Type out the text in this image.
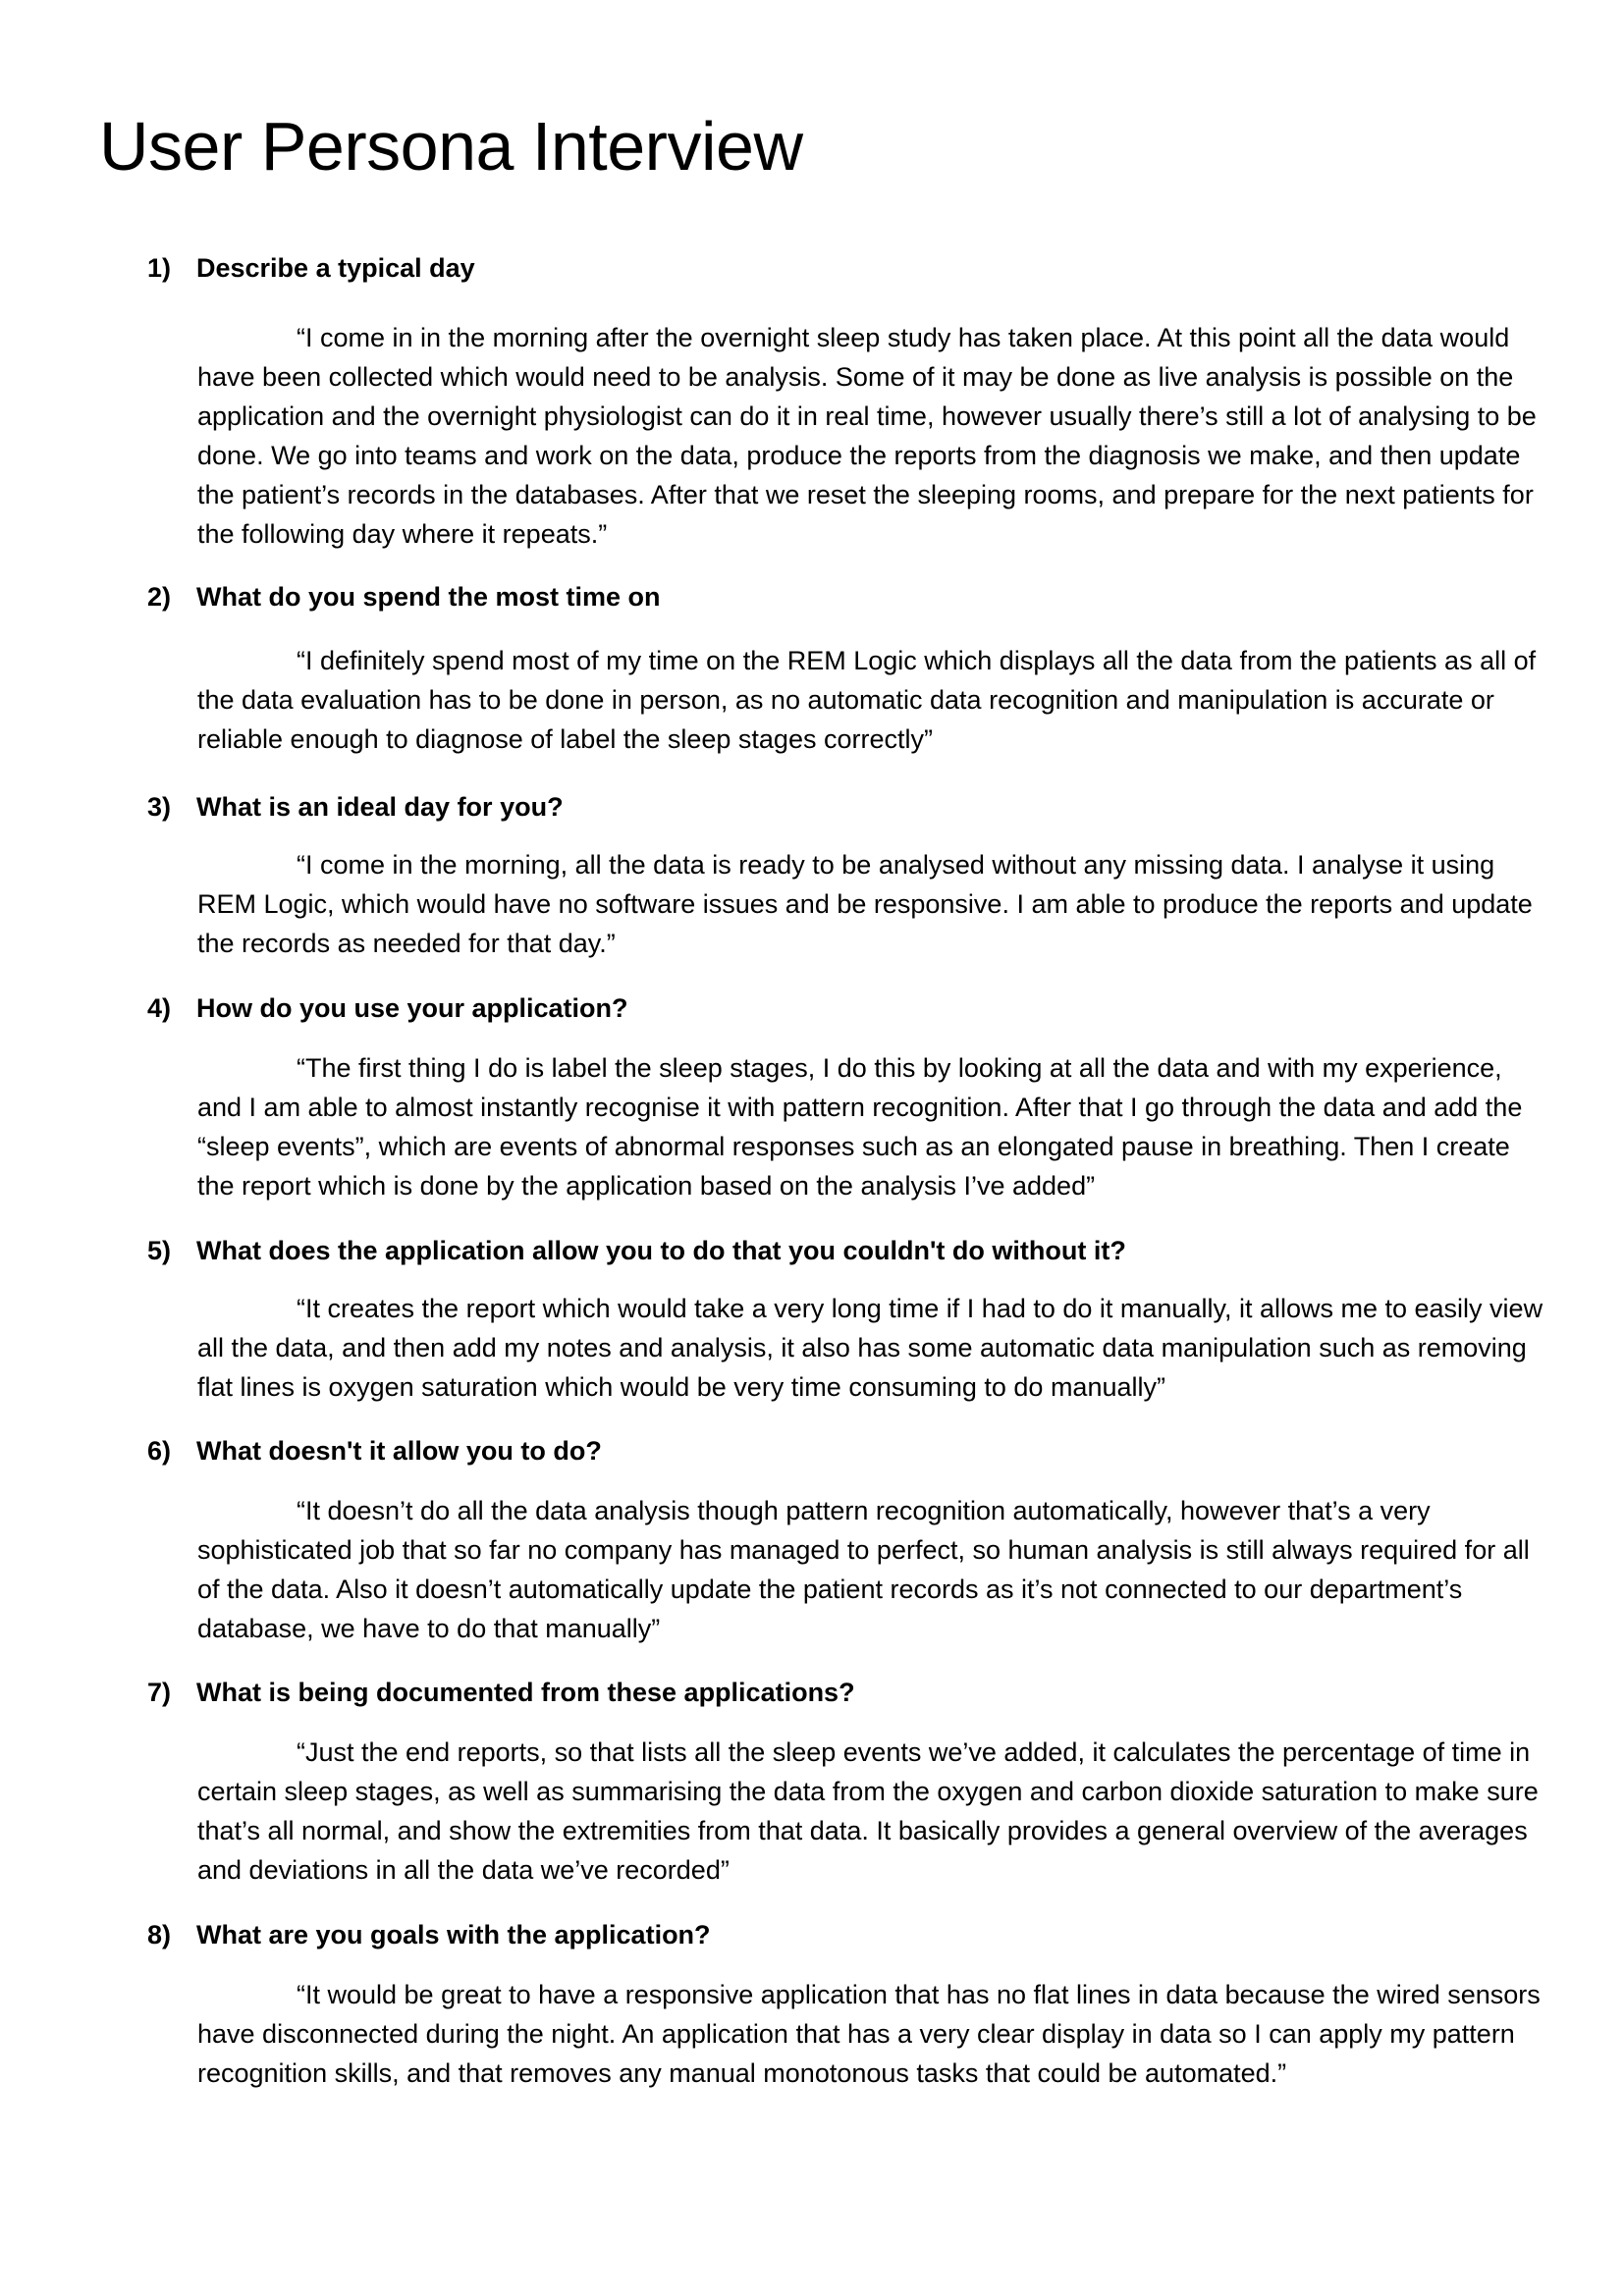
User Persona Interview

1) Describe a typical day

“I come in in the morning after the overnight sleep study has taken place. At this point all the data would have been collected which would need to be analysis. Some of it may be done as live analysis is possible on the application and the overnight physiologist can do it in real time, however usually there’s still a lot of analysing to be done. We go into teams and work on the data, produce the reports from the diagnosis we make, and then update the patient’s records in the databases. After that we reset the sleeping rooms, and prepare for the next patients for the following day where it repeats.”

2) What do you spend the most time on

“I definitely spend most of my time on the REM Logic which displays all the data from the patients as all of the data evaluation has to be done in person, as no automatic data recognition and manipulation is accurate or reliable enough to diagnose of label the sleep stages correctly”

3) What is an ideal day for you?

“I come in the morning, all the data is ready to be analysed without any missing data. I analyse it using REM Logic, which would have no software issues and be responsive. I am able to produce the reports and update the records as needed for that day.”

4) How do you use your application?

“The first thing I do is label the sleep stages, I do this by looking at all the data and with my experience, and I am able to almost instantly recognise it with pattern recognition. After that I go through the data and add the “sleep events”, which are events of abnormal responses such as an elongated pause in breathing. Then I create the report which is done by the application based on the analysis I’ve added”

5) What does the application allow you to do that you couldn't do without it?

“It creates the report which would take a very long time if I had to do it manually, it allows me to easily view all the data, and then add my notes and analysis, it also has some automatic data manipulation such as removing flat lines is oxygen saturation which would be very time consuming to do manually”

6) What doesn't it allow you to do?

“It doesn’t do all the data analysis though pattern recognition automatically, however that’s a very sophisticated job that so far no company has managed to perfect, so human analysis is still always required for all of the data. Also it doesn’t automatically update the patient records as it’s not connected to our department’s database, we have to do that manually”

7) What is being documented from these applications?

“Just the end reports, so that lists all the sleep events we’ve added, it calculates the percentage of time in certain sleep stages, as well as summarising the data from the oxygen and carbon dioxide saturation to make sure that’s all normal, and show the extremities from that data. It basically provides a general overview of the averages and deviations in all the data we’ve recorded”

8) What are you goals with the application?

“It would be great to have a responsive application that has no flat lines in data because the wired sensors have disconnected during the night. An application that has a very clear display in data so I can apply my pattern recognition skills, and that removes any manual monotonous tasks that could be automated.”
